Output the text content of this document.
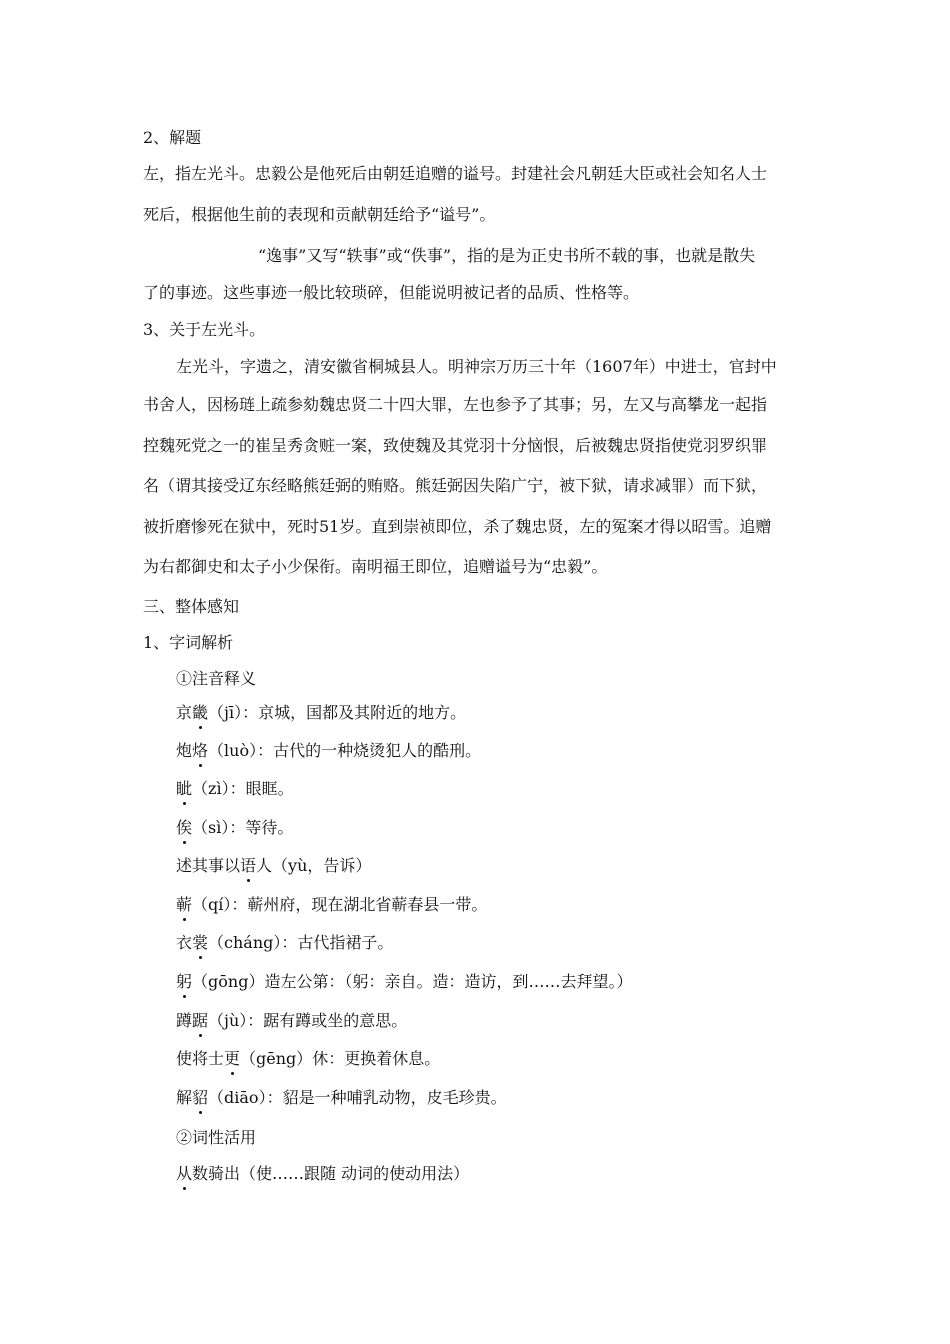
2、解题
左，指左光斗。忠毅公是他死后由朝廷追赠的谥号。封建社会凡朝廷大臣或社会知名人士
死后，根据他生前的表现和贡献朝廷给予“谥号”。
“逸事”又写“轶事”或“佚事”，指的是为正史书所不载的事，也就是散失
了的事迹。这些事迹一般比较琐碎，但能说明被记者的品质、性格等。
3、关于左光斗。
左光斗，字遗之，清安徽省桐城县人。明神宗万历三十年（1607年）中进士，官封中
书舍人，因杨琏上疏参劾魏忠贤二十四大罪，左也参予了其事；另，左又与高攀龙一起指
控魏死党之一的崔呈秀贪赃一案，致使魏及其党羽十分恼恨，后被魏忠贤指使党羽罗织罪
名（谓其接受辽东经略熊廷弼的贿赂。熊廷弼因失陷广宁，被下狱，请求减罪）而下狱，
被折磨惨死在狱中，死时51岁。直到崇祯即位，杀了魏忠贤，左的冤案才得以昭雪。追赠
为右都御史和太子小少保衔。南明福王即位，追赠谥号为“忠毅”。
三、整体感知
1、字词解析
①注音释义
京畿（jī）：京城，国都及其附近的地方。
炮烙（luò）：古代的一种烧烫犯人的酷刑。
眦（zì）：眼眶。
俟（sì）：等待。
述其事以语人（yù，告诉）
蕲（qí）：蕲州府，现在湖北省蕲春县一带。
衣裳（cháng）：古代指裙子。
躬（gōng）造左公第：（躬：亲自。造：造访，到……去拜望。）
蹲踞（jù）：踞有蹲或坐的意思。
使将士更（gēng）休：更换着休息。
解貂（diāo）：貂是一种哺乳动物，皮毛珍贵。
②词性活用
从数骑出（使……跟随 动词的使动用法）
